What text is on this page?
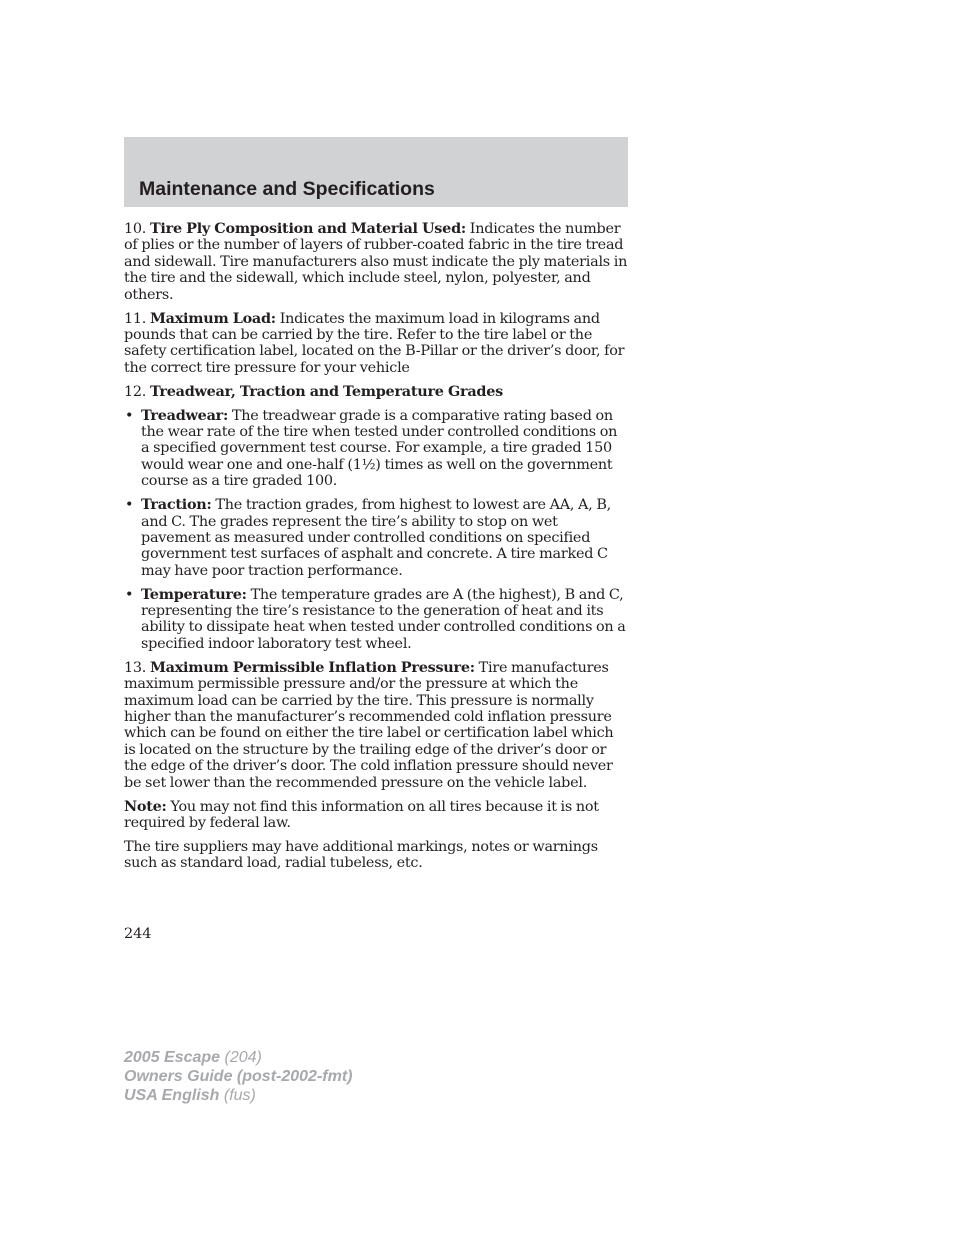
Maintenance and Specifications

10. Tire Ply Composition and Material Used: Indicates the number of plies or the number of layers of rubber-coated fabric in the tire tread and sidewall. Tire manufacturers also must indicate the ply materials in the tire and the sidewall, which include steel, nylon, polyester, and others.

11. Maximum Load: Indicates the maximum load in kilograms and pounds that can be carried by the tire. Refer to the tire label or the safety certification label, located on the B-Pillar or the driver’s door, for the correct tire pressure for your vehicle

12. Treadwear, Traction and Temperature Grades

• Treadwear: The treadwear grade is a comparative rating based on the wear rate of the tire when tested under controlled conditions on a specified government test course. For example, a tire graded 150 would wear one and one-half (1½) times as well on the government course as a tire graded 100.
• Traction: The traction grades, from highest to lowest are AA, A, B, and C. The grades represent the tire’s ability to stop on wet pavement as measured under controlled conditions on specified government test surfaces of asphalt and concrete. A tire marked C may have poor traction performance.
• Temperature: The temperature grades are A (the highest), B and C, representing the tire’s resistance to the generation of heat and its ability to dissipate heat when tested under controlled conditions on a specified indoor laboratory test wheel.

13. Maximum Permissible Inflation Pressure: Tire manufactures maximum permissible pressure and/or the pressure at which the maximum load can be carried by the tire. This pressure is normally higher than the manufacturer’s recommended cold inflation pressure which can be found on either the tire label or certification label which is located on the structure by the trailing edge of the driver’s door or the edge of the driver’s door. The cold inflation pressure should never be set lower than the recommended pressure on the vehicle label.

Note: You may not find this information on all tires because it is not required by federal law.

The tire suppliers may have additional markings, notes or warnings such as standard load, radial tubeless, etc.

244
2005 Escape (204)
Owners Guide (post-2002-fmt)
USA English (fus)
